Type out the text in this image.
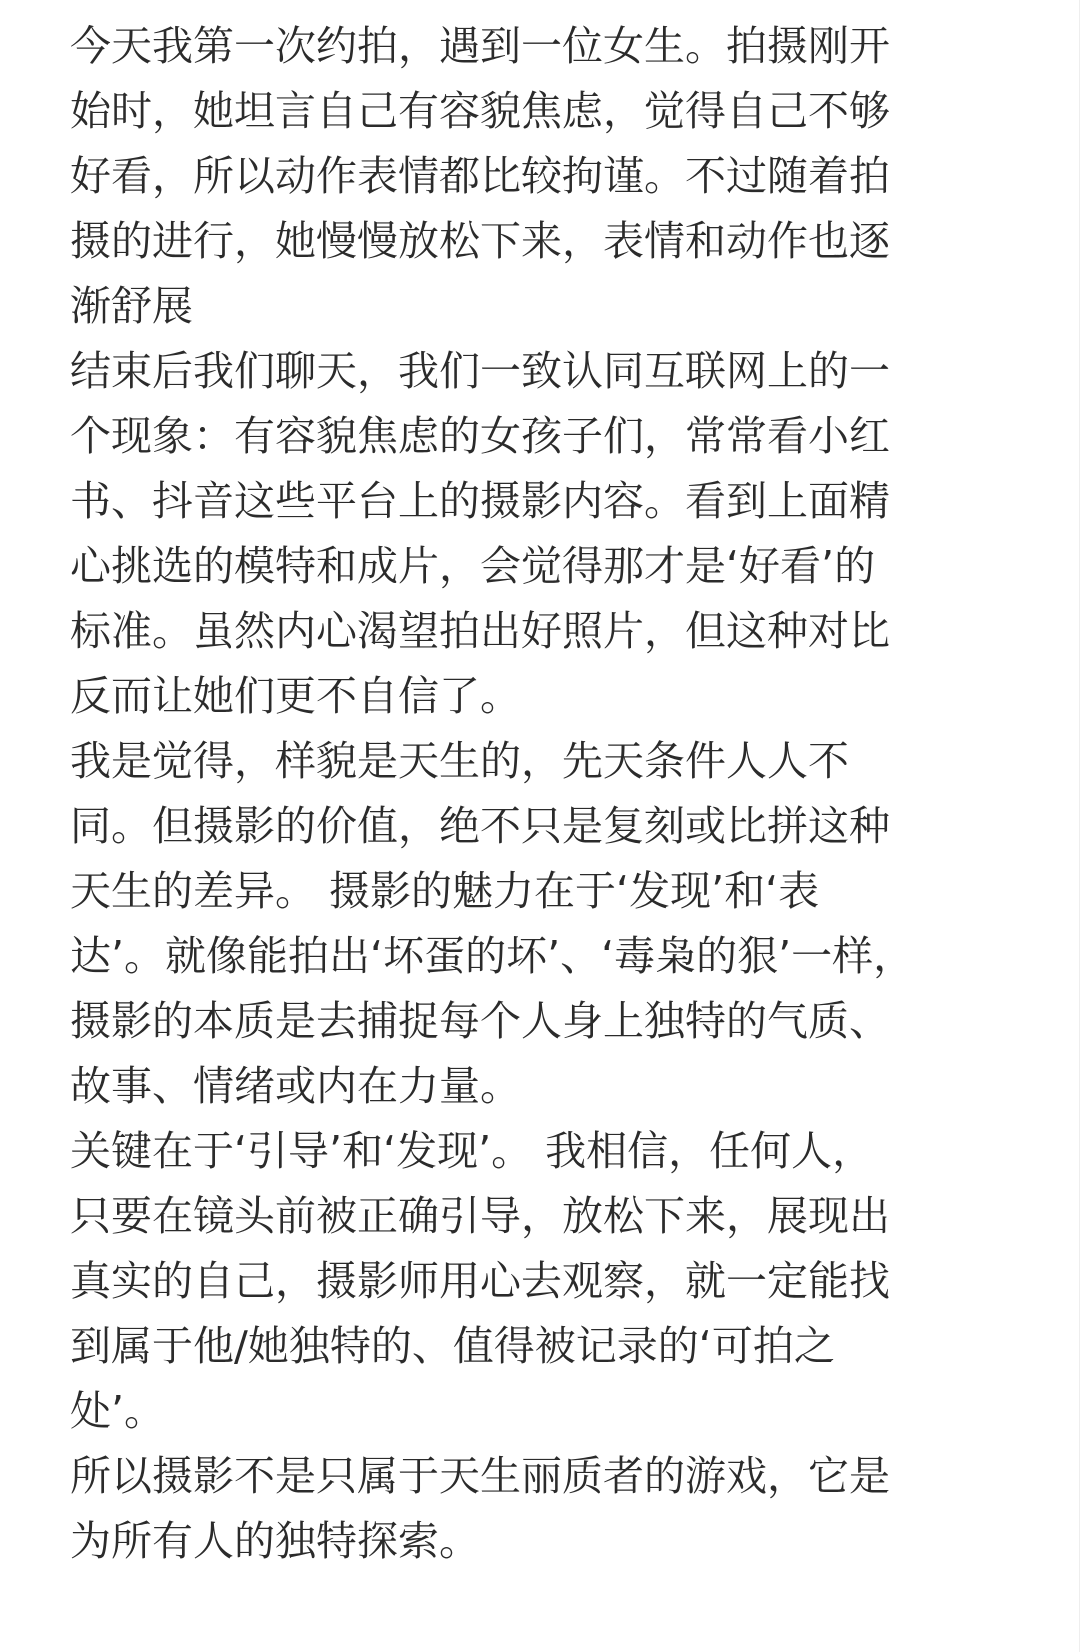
今天我第一次约拍，遇到一位女生。拍摄刚开
始时，她坦言自己有容貌焦虑，觉得自己不够
好看，所以动作表情都比较拘谨。不过随着拍
摄的进行，她慢慢放松下来，表情和动作也逐
渐舒展
结束后我们聊天，我们一致认同互联网上的一
个现象：有容貌焦虑的女孩子们，常常看小红
书、抖音这些平台上的摄影内容。看到上面精
心挑选的模特和成片，会觉得那才是‘好看’的
标准。虽然内心渴望拍出好照片，但这种对比
反而让她们更不自信了。
我是觉得，样貌是天生的，先天条件人人不
同。但摄影的价值，绝不只是复刻或比拼这种
天生的差异。 摄影的魅力在于‘发现’和‘表
达’。就像能拍出‘坏蛋的坏’、‘毒枭的狠’一样，
摄影的本质是去捕捉每个人身上独特的气质、
故事、情绪或内在力量。
关键在于‘引导’和‘发现’。 我相信，任何人，
只要在镜头前被正确引导，放松下来，展现出
真实的自己，摄影师用心去观察，就一定能找
到属于他/她独特的、值得被记录的‘可拍之
处’。
所以摄影不是只属于天生丽质者的游戏，它是
为所有人的独特探索。
